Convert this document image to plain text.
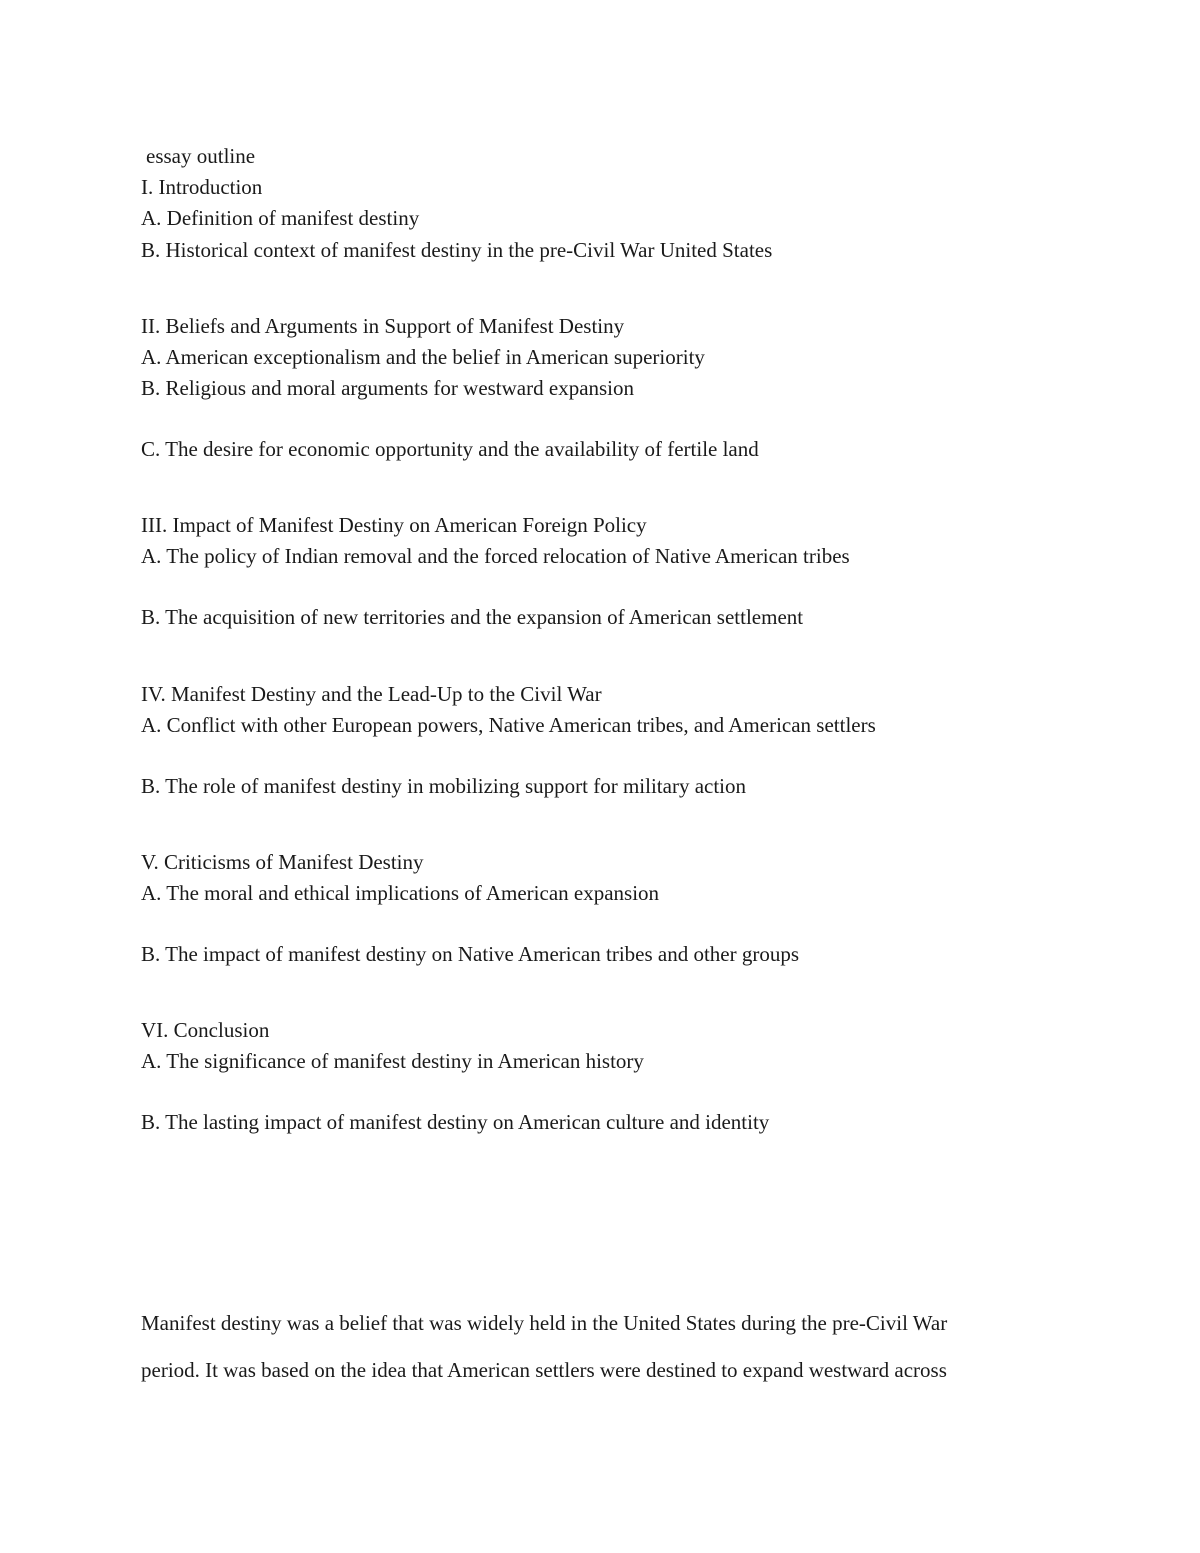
essay outline

I. Introduction

A. Definition of manifest destiny

B. Historical context of manifest destiny in the pre-Civil War United States

II. Beliefs and Arguments in Support of Manifest Destiny

A. American exceptionalism and the belief in American superiority

B. Religious and moral arguments for westward expansion

C. The desire for economic opportunity and the availability of fertile land

III. Impact of Manifest Destiny on American Foreign Policy

A. The policy of Indian removal and the forced relocation of Native American tribes

B. The acquisition of new territories and the expansion of American settlement

IV. Manifest Destiny and the Lead-Up to the Civil War

A. Conflict with other European powers, Native American tribes, and American settlers

B. The role of manifest destiny in mobilizing support for military action

V. Criticisms of Manifest Destiny

A. The moral and ethical implications of American expansion

B. The impact of manifest destiny on Native American tribes and other groups

VI. Conclusion

A. The significance of manifest destiny in American history

B. The lasting impact of manifest destiny on American culture and identity

Manifest destiny was a belief that was widely held in the United States during the pre-Civil War

period. It was based on the idea that American settlers were destined to expand westward across
